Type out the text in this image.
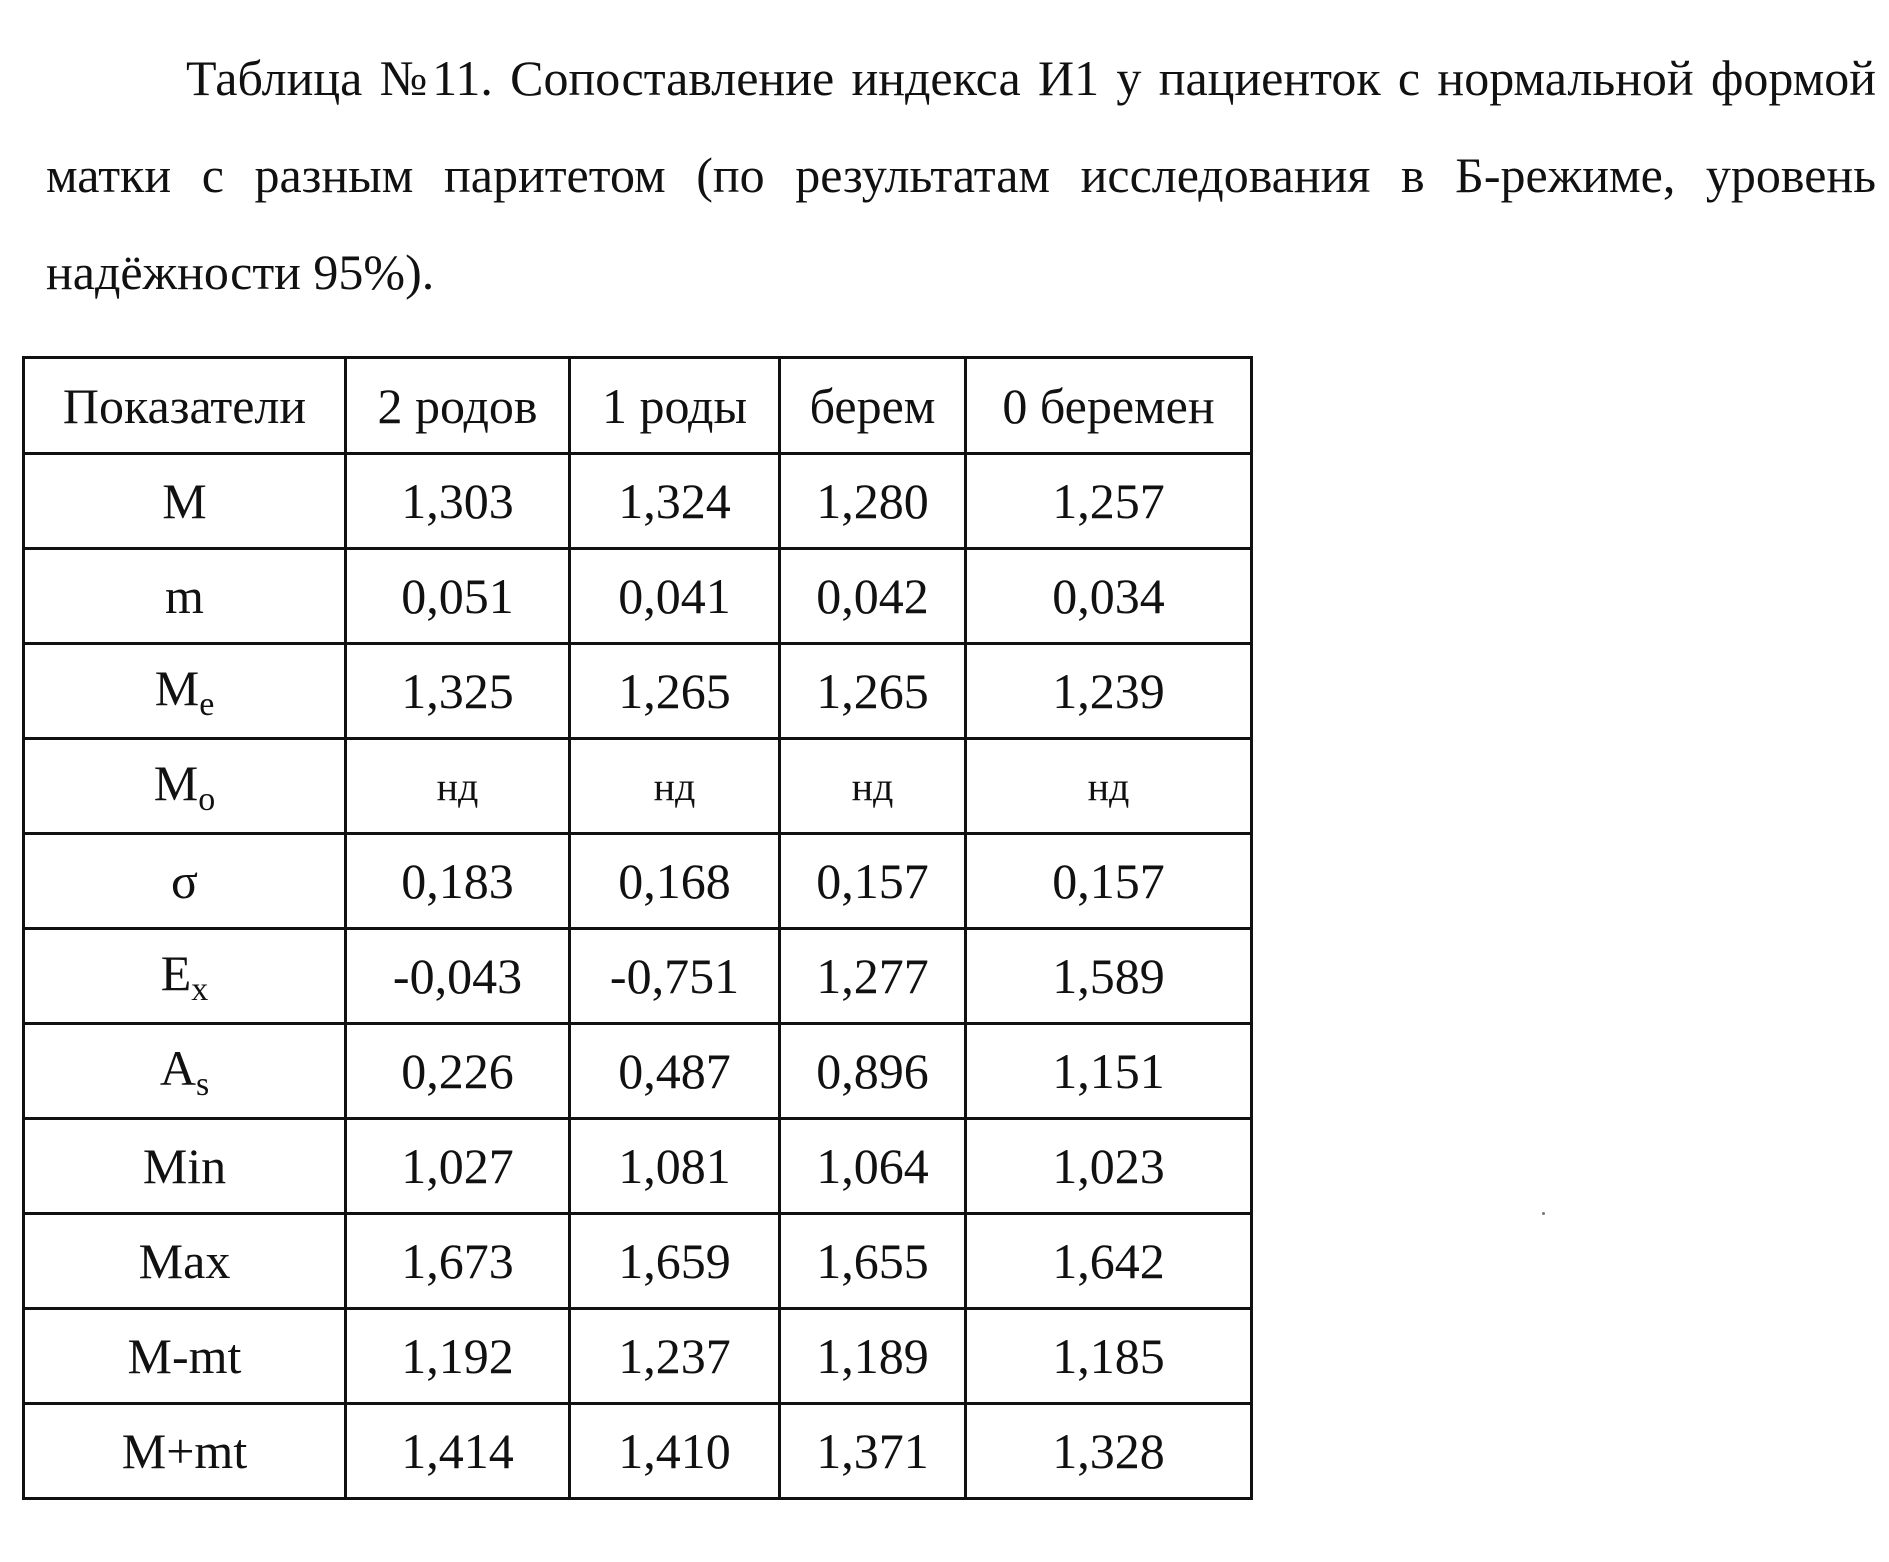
Таблица №11. Сопоставление индекса И1 у пациенток с нормальной формой матки с разным паритетом (по результатам исследования в Б-режиме, уровень надёжности 95%).

Показатели	2 родов	1 роды	берем	0 беремен
M	1,303	1,324	1,280	1,257
m	0,051	0,041	0,042	0,034
$M_e$	1,325	1,265	1,265	1,239
$M_o$	нд	нд	нд	нд
σ	0,183	0,168	0,157	0,157
$E_x$	-0,043	-0,751	1,277	1,589
$A_s$	0,226	0,487	0,896	1,151
Min	1,027	1,081	1,064	1,023
Max	1,673	1,659	1,655	1,642
M-mt	1,192	1,237	1,189	1,185
M+mt	1,414	1,410	1,371	1,328
